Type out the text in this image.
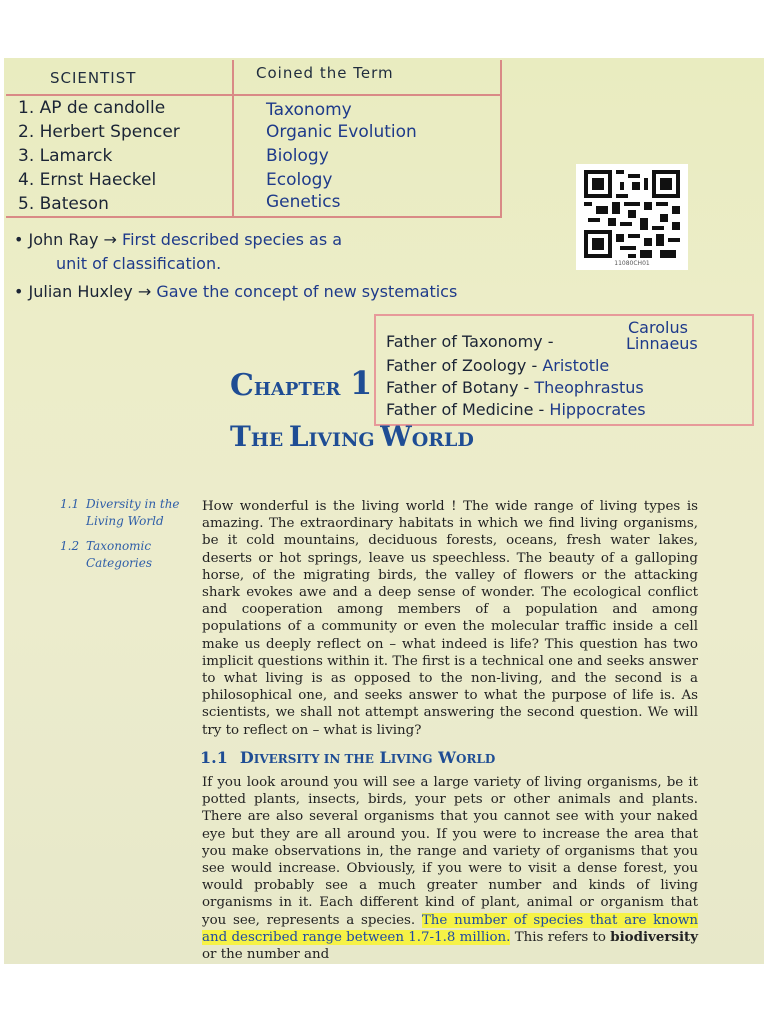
SCIENTIST	Coined the Term
1. AP de candolle	Taxonomy
2. Herbert Spencer	Organic Evolution
3. Lamarck	Biology
4. Ernst Haeckel	Ecology
5. Bateson	Genetics
• John Ray → First described species as a
unit of classification.
• Julian Huxley → Gave the concept of new systematics
11080CH01
Carolus
Father of Taxonomy -	Linnaeus
Father of Zoology - Aristotle
Father of Botany - Theophrastus
Father of Medicine - Hippocrates
CHAPTER 1
THE LIVING WORLD
1.1 Diversity in the Living World
1.2 Taxonomic Categories
How wonderful is the living world ! The wide range of living types is amazing. The extraordinary habitats in which we find living organisms, be it cold mountains, deciduous forests, oceans, fresh water lakes, deserts or hot springs, leave us speechless. The beauty of a galloping horse, of the migrating birds, the valley of flowers or the attacking shark evokes awe and a deep sense of wonder. The ecological conflict and cooperation among members of a population and among populations of a community or even the molecular traffic inside a cell make us deeply reflect on – what indeed is life? This question has two implicit questions within it. The first is a technical one and seeks answer to what living is as opposed to the non-living, and the second is a philosophical one, and seeks answer to what the purpose of life is. As scientists, we shall not attempt answering the second question. We will try to reflect on – what is living?
1.1 DIVERSITY IN THE LIVING WORLD
If you look around you will see a large variety of living organisms, be it potted plants, insects, birds, your pets or other animals and plants. There are also several organisms that you cannot see with your naked eye but they are all around you. If you were to increase the area that you make observations in, the range and variety of organisms that you see would increase. Obviously, if you were to visit a dense forest, you would probably see a much greater number and kinds of living organisms in it. Each different kind of plant, animal or organism that you see, represents a species. The number of species that are known and described range between 1.7-1.8 million. This refers to biodiversity or the number and
